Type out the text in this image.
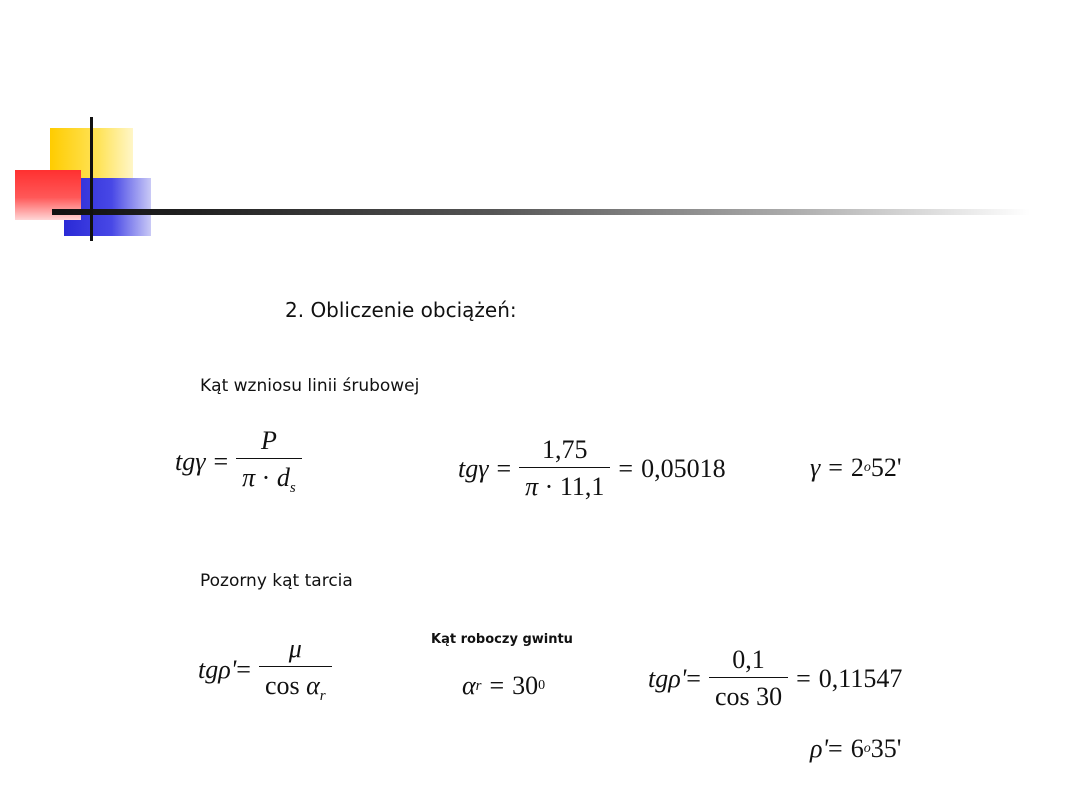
2. Obliczenie obciążeń:
Kąt wzniosu linii śrubowej
$tg\gamma = \frac{P}{\pi \cdot d_s}$	$tg\gamma = \frac{1,75}{\pi \cdot 11,1} = 0,05018$	γ = 2 o 52'
Pozorny kąt tarcia
$tg\rho' = \frac{\mu}{\cos \alpha_r}$	Kąt roboczy gwintu
α r = 30 0	$tg\rho' = \frac{0,1}{\cos 30} = 0,11547$
ρ' = 6 o 35'
